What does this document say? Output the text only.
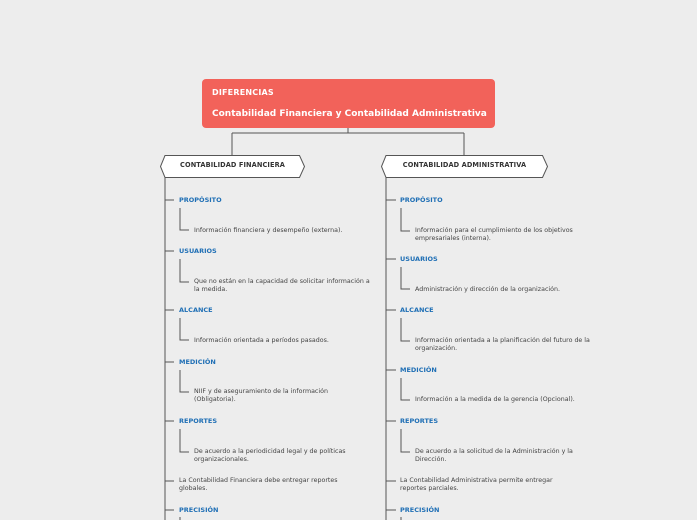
DIFERENCIAS
Contabilidad Financiera y Contabilidad Administrativa
CONTABILIDAD FINANCIERA	CONTABILIDAD ADMINISTRATIVA
PROPÓSITO
Información financiera y desempeño (externa).
USUARIOS
Que no están en la capacidad de solicitar información a la medida.
ALCANCE
Información orientada a períodos pasados.
MEDICIÓN
NIIF y de aseguramiento de la información (Obligatoria).
REPORTES
De acuerdo a la periodicidad legal y de políticas organizacionales.
La Contabilidad Financiera debe entregar reportes globales.
PRECISIÓN
PROPÓSITO
Información para el cumplimiento de los objetivos empresariales (interna).
USUARIOS
Administración y dirección de la organización.
ALCANCE
Información orientada a la planificación del futuro de la organización.
MEDICIÓN
Información a la medida de la gerencia (Opcional).
REPORTES
De acuerdo a la solicitud de la Administración y la Dirección.
La Contabilidad Administrativa permite entregar reportes parciales.
PRECISIÓN
